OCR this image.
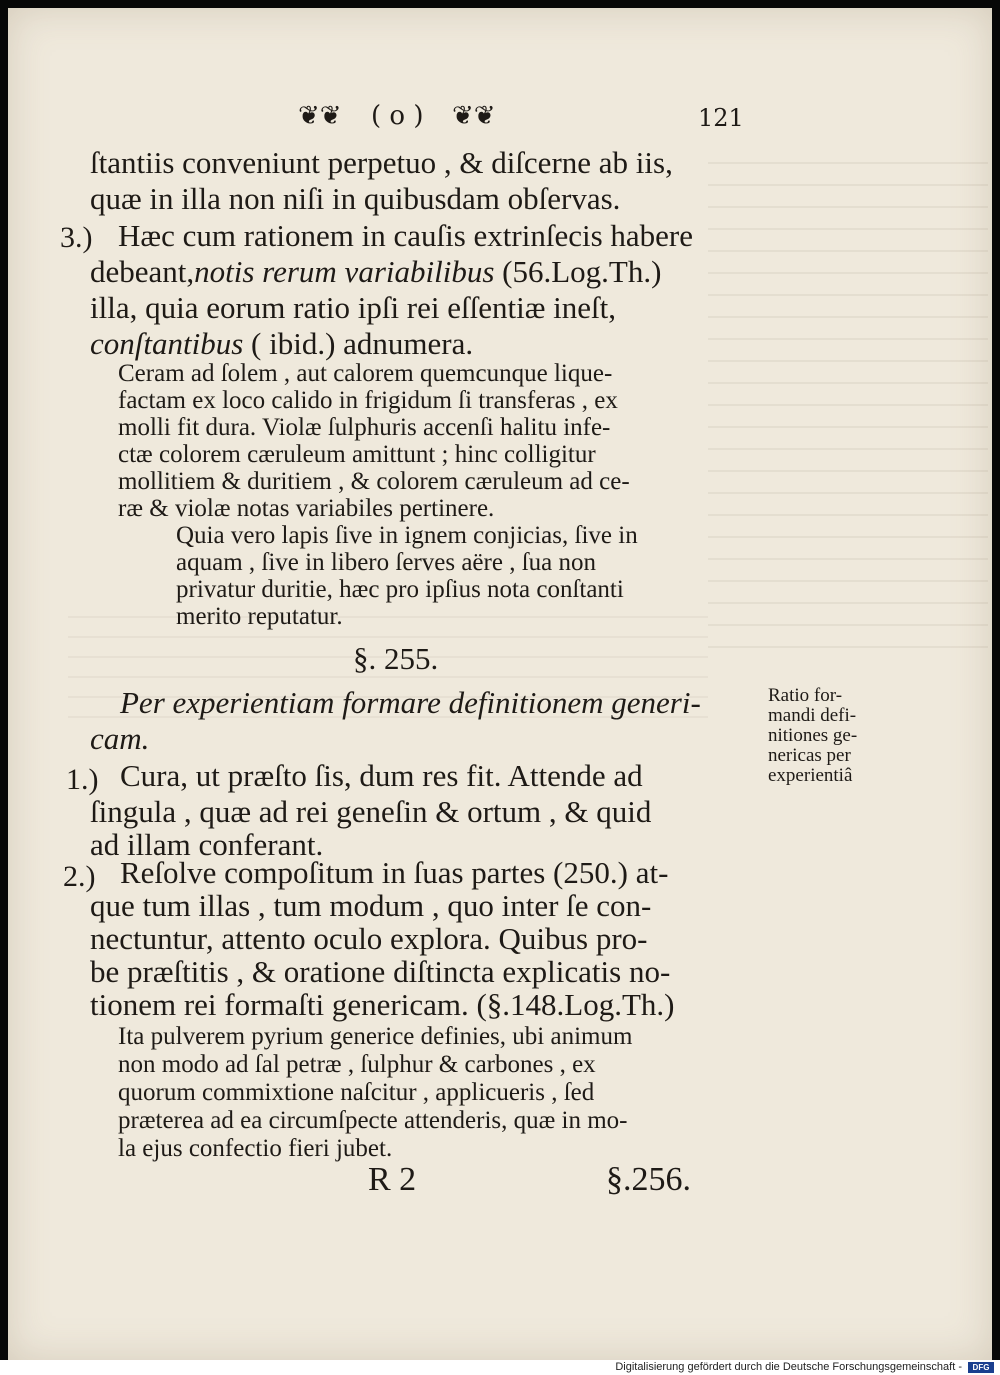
❦❦ ( o ) ❦❦	121
ſtantiis conveniunt perpetuo , & diſcerne ab iis,
quæ in illa non niſi in quibusdam obſervas.
3.) Hæc cum rationem in cauſis extrinſecis habere
debeant,notis rerum variabilibus (56.Log.Th.)
illa, quia eorum ratio ipſi rei eſſentiæ ineſt,
conſtantibus ( ibid.) adnumera.
Ceram ad ſolem , aut calorem quemcunque lique-
factam ex loco calido in frigidum ſi transferas , ex
molli fit dura. Violæ ſulphuris accenſi halitu infe-
ctæ colorem cæruleum amittunt ; hinc colligitur
mollitiem & duritiem , & colorem cæruleum ad ce-
ræ & violæ notas variabiles pertinere.
Quia vero lapis ſive in ignem conjicias, ſive in
aquam , ſive in libero ſerves aëre , ſua non
privatur duritie, hæc pro ipſius nota conſtanti
merito reputatur.
§. 255.
Per experientiam formare definitionem generi-
cam.
Ratio for-
mandi defi-
nitiones ge-
nericas per
experientiâ
1.) Cura, ut præſto ſis, dum res fit. Attende ad
ſingula , quæ ad rei geneſin & ortum , & quid
ad illam conferant.
2.) Reſolve compoſitum in ſuas partes (250.) at-
que tum illas , tum modum , quo inter ſe con-
nectuntur, attento oculo explora. Quibus pro-
be præſtitis , & oratione diſtincta explicatis no-
tionem rei formaſti genericam. (§.148.Log.Th.)
Ita pulverem pyrium generice definies, ubi animum
non modo ad ſal petræ , ſulphur & carbones , ex
quorum commixtione naſcitur , applicueris , ſed
præterea ad ea circumſpecte attenderis, quæ in mo-
la ejus confectio fieri jubet.
R 2	§.256.
Digitalisierung gefördert durch die Deutsche Forschungsgemeinschaft -	DFG
